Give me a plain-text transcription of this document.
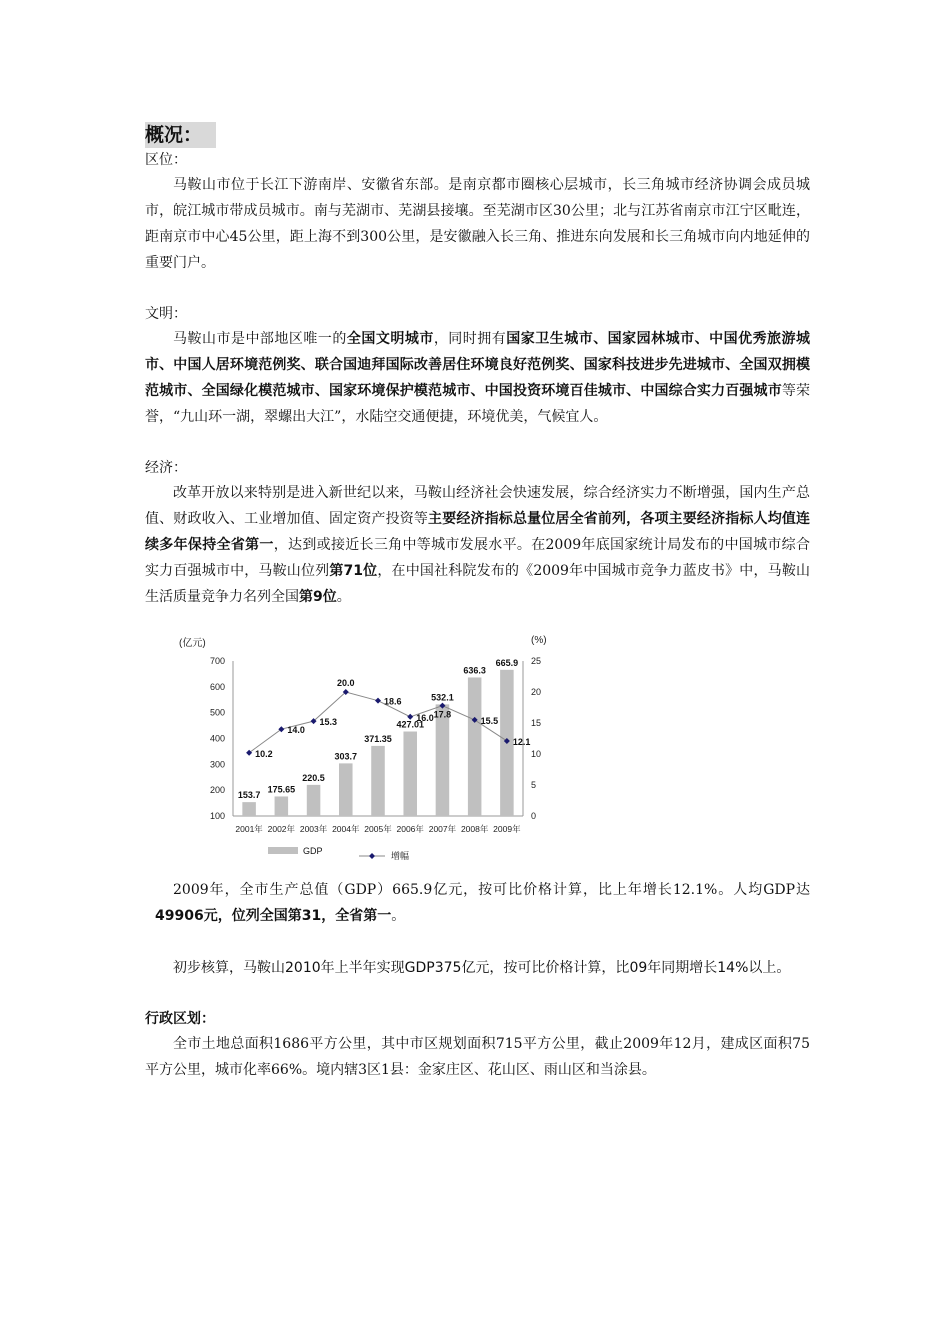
概况：
区位：

马鞍山市位于长江下游南岸、安徽省东部。是南京都市圈核心层城市，长三角城市经济协调会成员城市，皖江城市带成员城市。南与芜湖市、芜湖县接壤。至芜湖市区30公里；北与江苏省南京市江宁区毗连，距南京市中心45公里，距上海不到300公里，是安徽融入长三角、推进东向发展和长三角城市向内地延伸的重要门户。

文明：

马鞍山市是中部地区唯一的全国文明城市，同时拥有国家卫生城市、国家园林城市、中国优秀旅游城市、中国人居环境范例奖、联合国迪拜国际改善居住环境良好范例奖、国家科技进步先进城市、全国双拥模范城市、全国绿化模范城市、国家环境保护模范城市、中国投资环境百佳城市、中国综合实力百强城市等荣誉，“九山环一湖，翠螺出大江”，水陆空交通便捷，环境优美，气候宜人。

经济：

改革开放以来特别是进入新世纪以来，马鞍山经济社会快速发展，综合经济实力不断增强，国内生产总值、财政收入、工业增加值、固定资产投资等主要经济指标总量位居全省前列，各项主要经济指标人均值连续多年保持全省第一，达到或接近长三角中等城市发展水平。在2009年底国家统计局发布的中国城市综合实力百强城市中，马鞍山位列第71位，在中国社科院发布的《2009年中国城市竞争力蓝皮书》中，马鞍山生活质量竞争力名列全国第9位。

(亿元)	(%)
100
200
300
400
500
600
700
0
5
10
15
20
25
153.7
175.65
220.5
303.7
371.35
427.01
532.1
636.3
665.9
10.2
14.0
15.3
20.0
18.6
16.0 17.8
15.5
12.1
2001年 2002年 2003年 2004年 2005年 2006年 2007年 2008年 2009年
GDP	增幅

2009年，全市生产总值（GDP）665.9亿元，按可比价格计算，比上年增长12.1%。人均GDP达49906元，位列全国第31，全省第一。

初步核算，马鞍山2010年上半年实现GDP375亿元，按可比价格计算，比09年同期增长14%以上。

行政区划：

全市土地总面积1686平方公里，其中市区规划面积715平方公里，截止2009年12月，建成区面积75平方公里，城市化率66%。境内辖3区1县：金家庄区、花山区、雨山区和当涂县。
